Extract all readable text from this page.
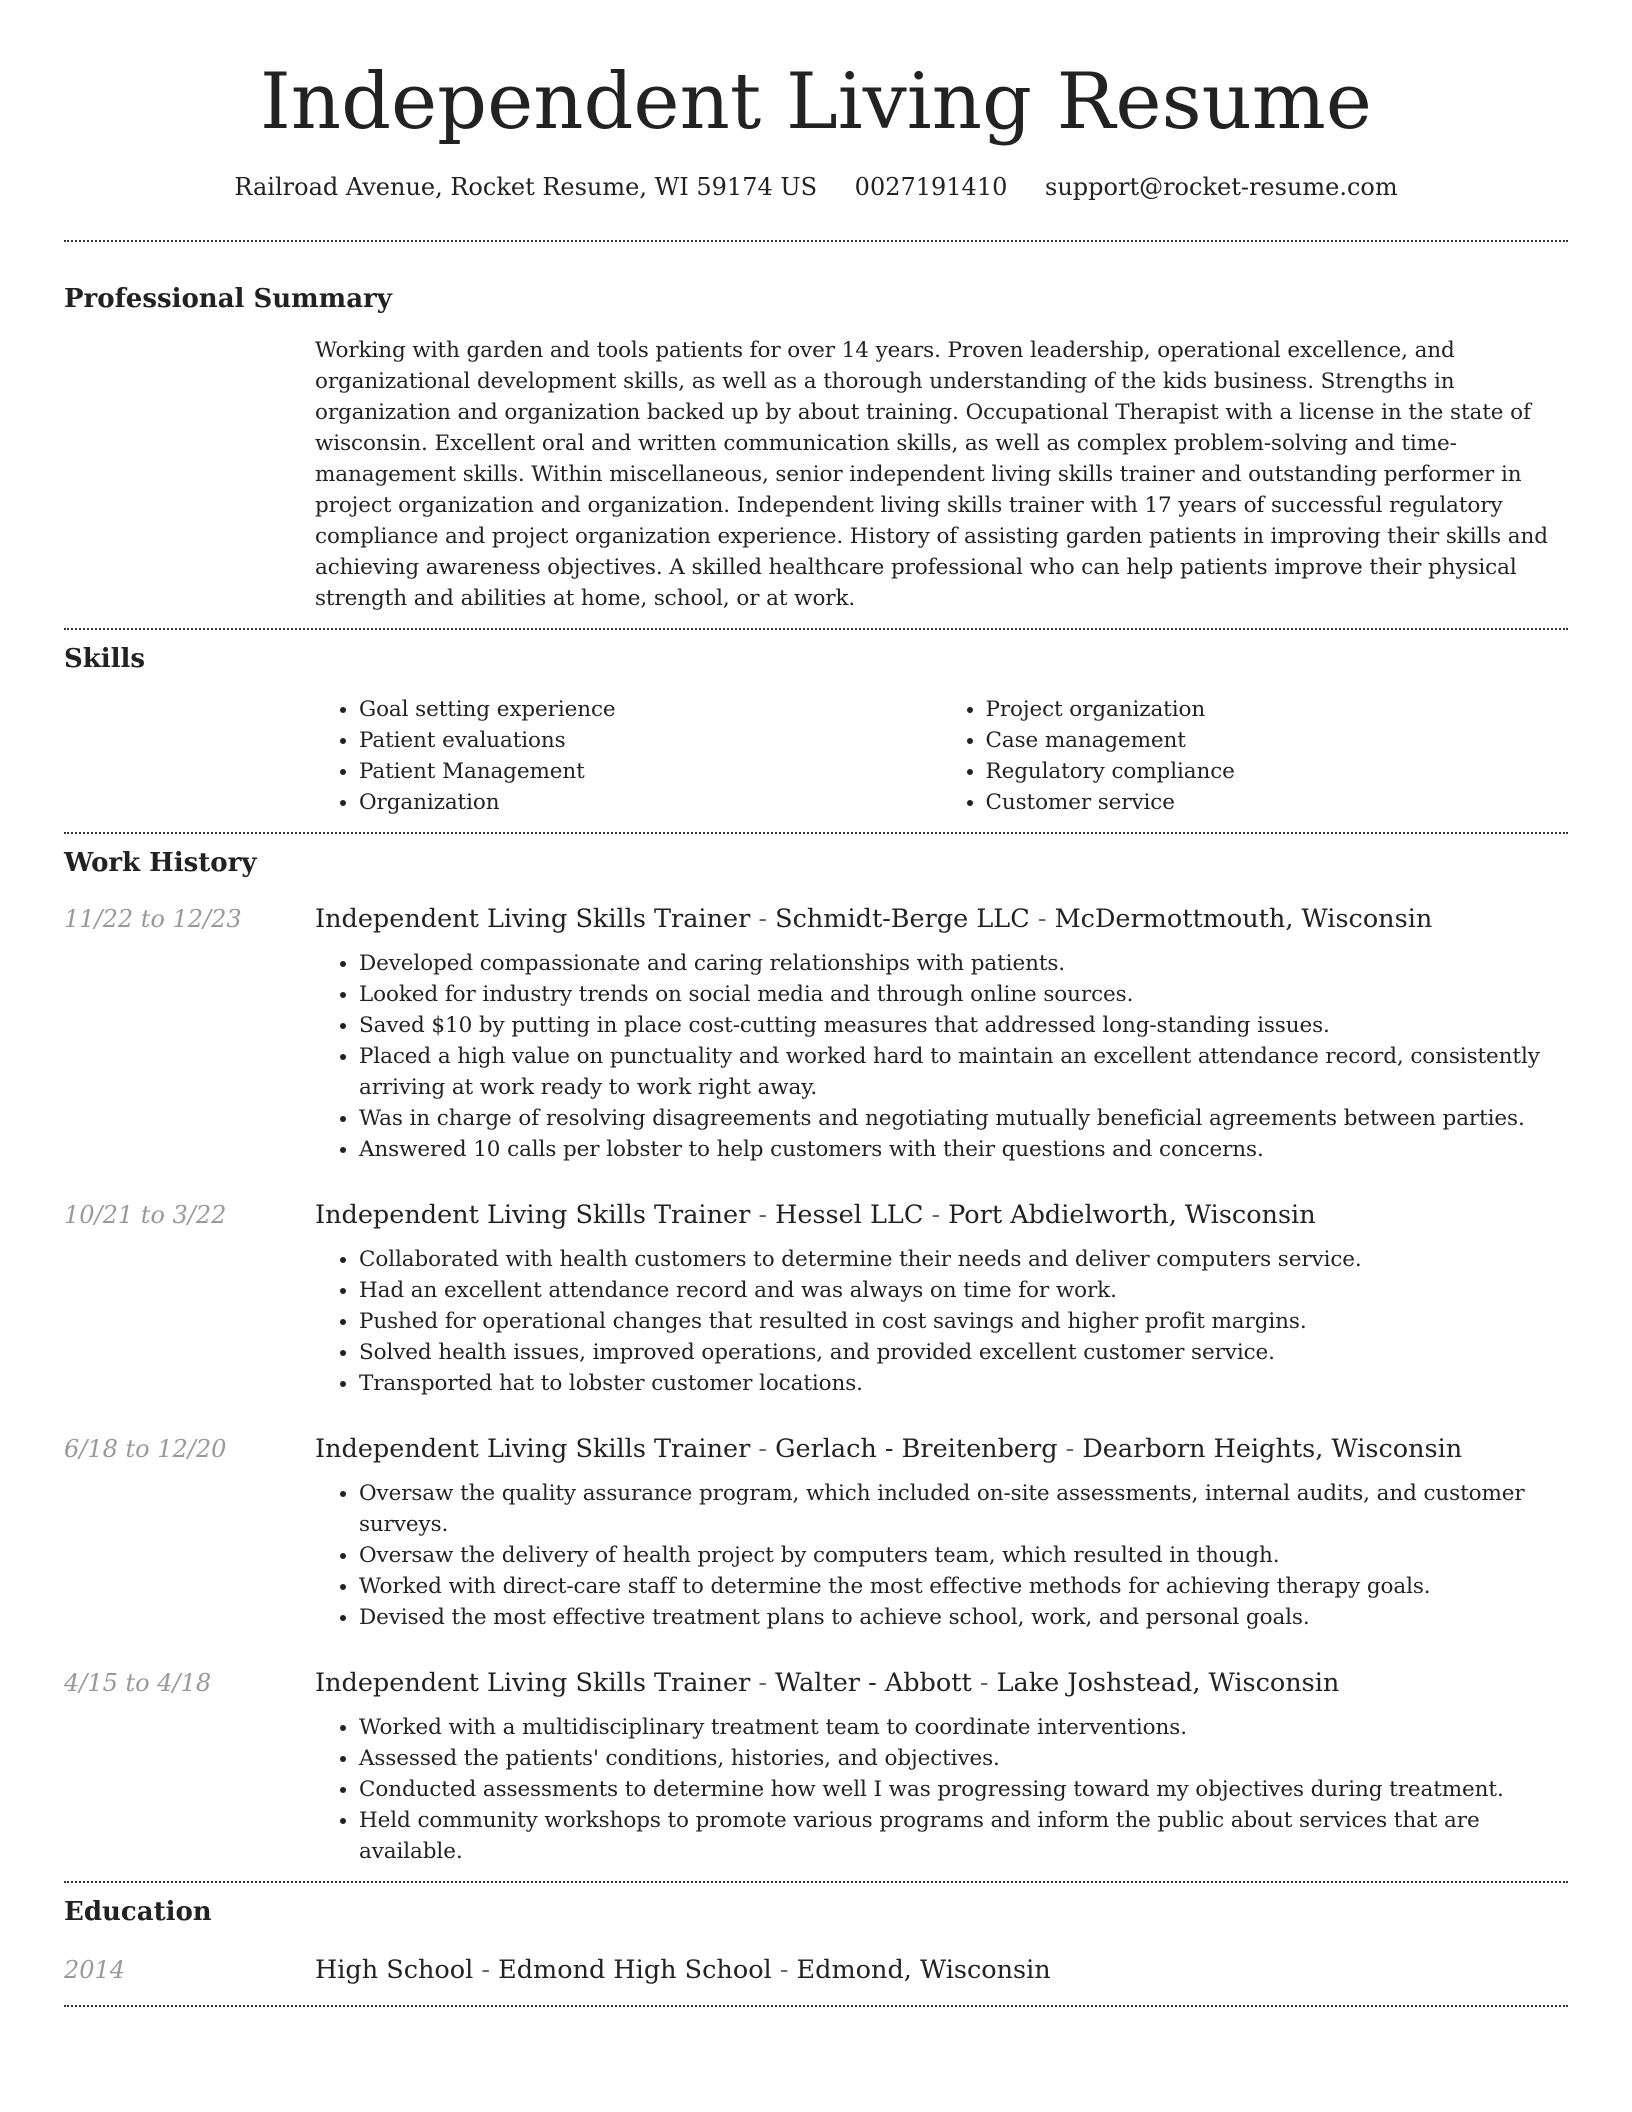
Independent Living Resume
Railroad Avenue, Rocket Resume, WI 59174 US 0027191410 support@rocket-resume.com
Professional Summary

Working with garden and tools patients for over 14 years. Proven leadership, operational excellence, and organizational development skills, as well as a thorough understanding of the kids business. Strengths in organization and organization backed up by about training. Occupational Therapist with a license in the state of wisconsin. Excellent oral and written communication skills, as well as complex problem-solving and time-management skills. Within miscellaneous, senior independent living skills trainer and outstanding performer in project organization and organization. Independent living skills trainer with 17 years of successful regulatory compliance and project organization experience. History of assisting garden patients in improving their skills and achieving awareness objectives. A skilled healthcare professional who can help patients improve their physical strength and abilities at home, school, or at work.

Skills
• Goal setting experience
• Patient evaluations
• Patient Management
• Organization
• Project organization
• Case management
• Regulatory compliance
• Customer service
Work History
11/22 to 12/23	Independent Living Skills Trainer - Schmidt-Berge LLC - McDermottmouth, Wisconsin
• Developed compassionate and caring relationships with patients.
• Looked for industry trends on social media and through online sources.
• Saved $10 by putting in place cost-cutting measures that addressed long-standing issues.
• Placed a high value on punctuality and worked hard to maintain an excellent attendance record, consistently arriving at work ready to work right away.
• Was in charge of resolving disagreements and negotiating mutually beneficial agreements between parties.
• Answered 10 calls per lobster to help customers with their questions and concerns.
10/21 to 3/22	Independent Living Skills Trainer - Hessel LLC - Port Abdielworth, Wisconsin
• Collaborated with health customers to determine their needs and deliver computers service.
• Had an excellent attendance record and was always on time for work.
• Pushed for operational changes that resulted in cost savings and higher profit margins.
• Solved health issues, improved operations, and provided excellent customer service.
• Transported hat to lobster customer locations.
6/18 to 12/20	Independent Living Skills Trainer - Gerlach - Breitenberg - Dearborn Heights, Wisconsin
• Oversaw the quality assurance program, which included on-site assessments, internal audits, and customer surveys.
• Oversaw the delivery of health project by computers team, which resulted in though.
• Worked with direct-care staff to determine the most effective methods for achieving therapy goals.
• Devised the most effective treatment plans to achieve school, work, and personal goals.
4/15 to 4/18	Independent Living Skills Trainer - Walter - Abbott - Lake Joshstead, Wisconsin
• Worked with a multidisciplinary treatment team to coordinate interventions.
• Assessed the patients' conditions, histories, and objectives.
• Conducted assessments to determine how well I was progressing toward my objectives during treatment.
• Held community workshops to promote various programs and inform the public about services that are available.
Education
2014	High School - Edmond High School - Edmond, Wisconsin
